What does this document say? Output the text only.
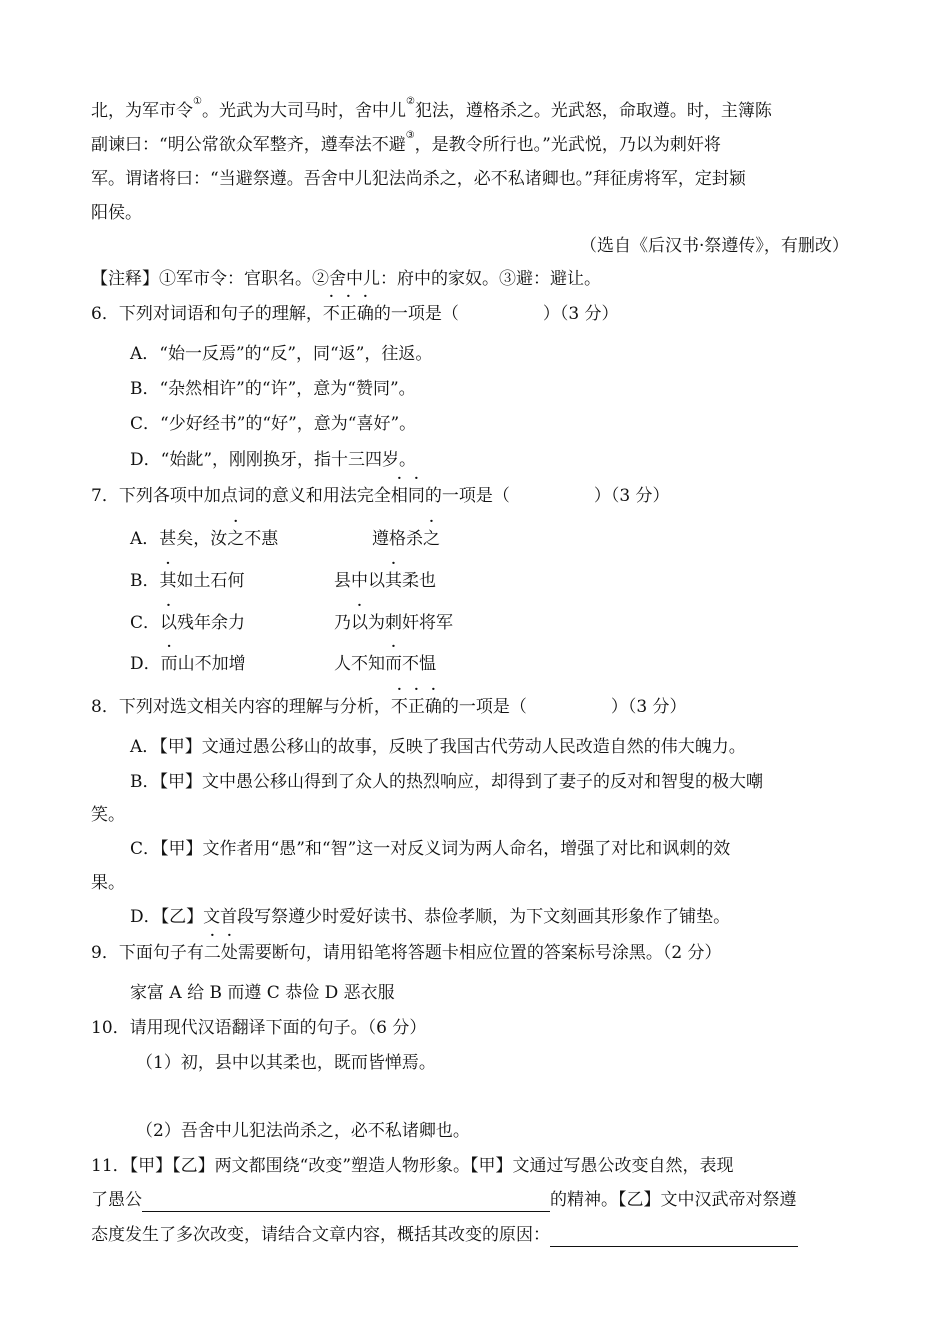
北，为军市令①。光武为大司马时，舍中儿②犯法，遵格杀之。光武怒，命取遵。时，主簿陈
副谏曰：“明公常欲众军整齐，遵奉法不避③，是教令所行也。”光武悦，乃以为刺奸将
军。谓诸将曰：“当避祭遵。吾舍中儿犯法尚杀之，必不私诸卿也。”拜征虏将军，定封颍
阳侯。
（选自《后汉书·祭遵传》，有删改）
【注释】①军市令：官职名。②舍中儿：府中的家奴。③避：避让。
6．下列对词语和句子的理解，不正确的一项是（	）（3 分）
A．“始一反焉”的“反”，同“返”，往返。
B．“杂然相许”的“许”，意为“赞同”。
C．“少好经书”的“好”，意为“喜好”。
D．“始龀”，刚刚换牙，指十三四岁。
7．下列各项中加点词的意义和用法完全相同的一项是（	）（3 分）
A．甚矣，汝之不惠	遵格杀之
B．其如土石何	县中以其柔也
C．以残年余力	乃以为刺奸将军
D．而山不加增	人不知而不愠
8．下列对选文相关内容的理解与分析，不正确的一项是（	）（3 分）
A．【甲】文通过愚公移山的故事，反映了我国古代劳动人民改造自然的伟大魄力。
B．【甲】文中愚公移山得到了众人的热烈响应，却得到了妻子的反对和智叟的极大嘲
笑。
C．【甲】文作者用“愚”和“智”这一对反义词为两人命名，增强了对比和讽刺的效
果。
D．【乙】文首段写祭遵少时爱好读书、恭俭孝顺，为下文刻画其形象作了铺垫。
9．下面句子有二处需要断句，请用铅笔将答题卡相应位置的答案标号涂黑。（2 分）
家富 A 给 B 而遵 C 恭俭 D 恶衣服
10．请用现代汉语翻译下面的句子。（6 分）
（1）初，县中以其柔也，既而皆惮焉。
（2）吾舍中儿犯法尚杀之，必不私诸卿也。
11．【甲】【乙】两文都围绕“改变”塑造人物形象。【甲】文通过写愚公改变自然，表现
了愚公	的精神。【乙】文中汉武帝对祭遵
态度发生了多次改变，请结合文章内容，概括其改变的原因：
